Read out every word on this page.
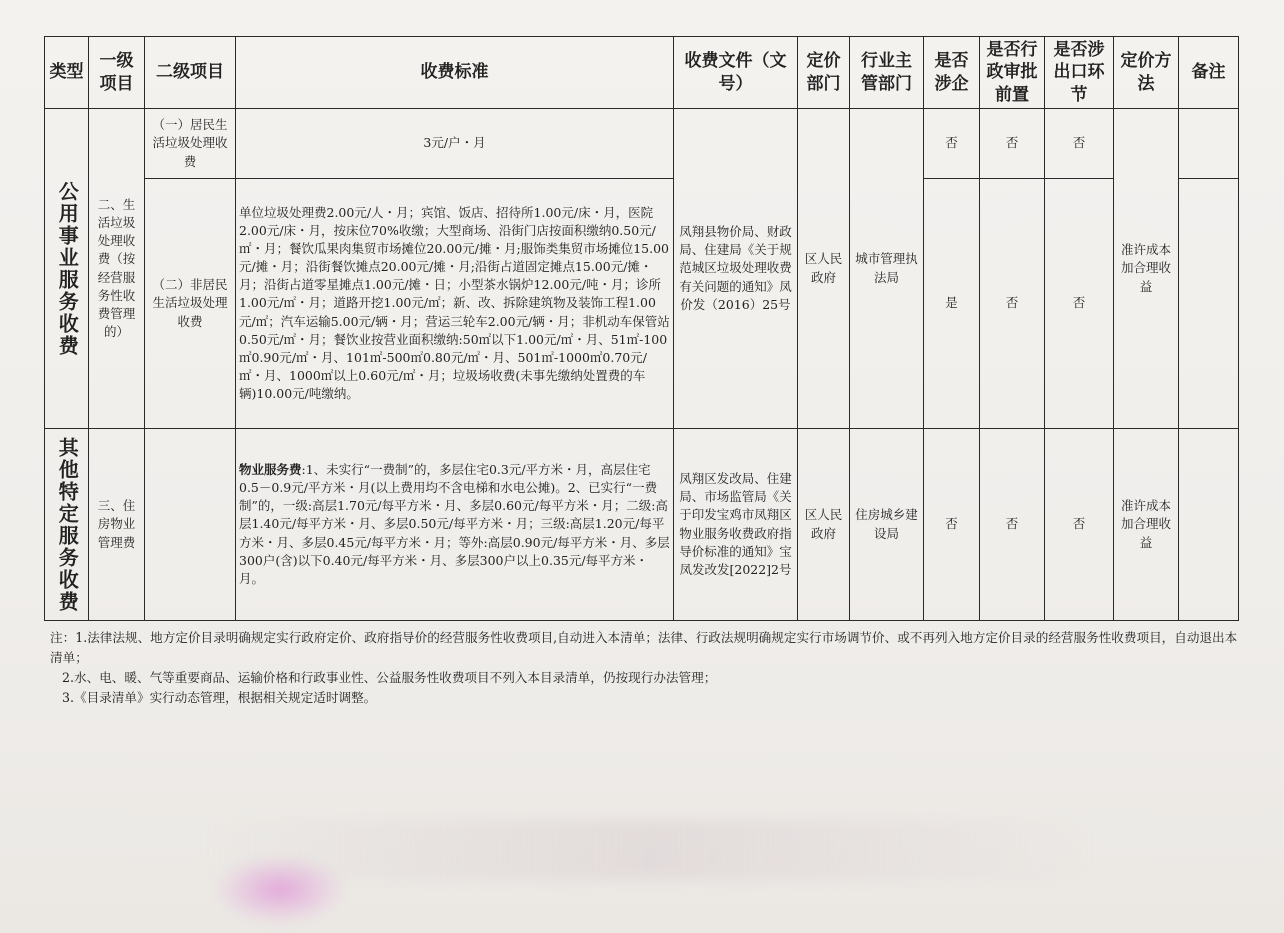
类型	一级项目	二级项目	收费标准	收费文件（文号）	定价部门	行业主管部门	是否涉企	是否行政审批前置	是否涉出口环节	定价方法	备注

公用事业服务收费	二、生活垃圾处理收费（按经营服务性收费管理的）	（一）居民生活垃圾处理收费	3元/户・月	凤翔县物价局、财政局、住建局《关于规范城区垃圾处理收费有关问题的通知》凤价发（2016）25号	区人民政府	城市管理执法局	否	否	否	准许成本加合理收益	
		（二）非居民生活垃圾处理收费	单位垃圾处理费2.00元/人・月；宾馆、饭店、招待所1.00元/床・月，医院2.00元/床・月，按床位70%收缴；大型商场、沿街门店按面积缴纳0.50元/㎡・月；餐饮瓜果肉集贸市场摊位20.00元/摊・月;服饰类集贸市场摊位15.00元/摊・月；沿街餐饮摊点20.00元/摊・月;沿街占道固定摊点15.00元/摊・月；沿街占道零星摊点1.00元/摊・日；小型茶水锅炉12.00元/吨・月；诊所1.00元/㎡・月；道路开挖1.00元/㎡；新、改、拆除建筑物及装饰工程1.00元/㎡；汽车运输5.00元/辆・月；营运三轮车2.00元/辆・月；非机动车保管站0.50元/㎡・月；餐饮业按营业面积缴纳:50㎡以下1.00元/㎡・月、51㎡-100㎡0.90元/㎡・月、101㎡-500㎡0.80元/㎡・月、501㎡-1000㎡0.70元/㎡・月、1000㎡以上0.60元/㎡・月；垃圾场收费(未事先缴纳处置费的车辆)10.00元/吨缴纳。				是	否	否		

其他特定服务收费	三、住房物业管理费		物业服务费:1、未实行“一费制”的，多层住宅0.3元/平方米・月，高层住宅0.5－0.9元/平方米・月(以上费用均不含电梯和水电公摊)。2、已实行“一费制”的，一级:高层1.70元/每平方米・月、多层0.60元/每平方米・月；二级:高层1.40元/每平方米・月、多层0.50元/每平方米・月；三级:高层1.20元/每平方米・月、多层0.45元/每平方米・月；等外:高层0.90元/每平方米・月、多层300户(含)以下0.40元/每平方米・月、多层300户以上0.35元/每平方米・月。	凤翔区发改局、住建局、市场监管局《关于印发宝鸡市凤翔区物业服务收费政府指导价标准的通知》宝凤发改发[2022]2号	区人民政府	住房城乡建设局	否	否	否	准许成本加合理收益	
注：1.法律法规、地方定价目录明确规定实行政府定价、政府指导价的经营服务性收费项目,自动进入本清单；法律、行政法规明确规定实行市场调节价、或不再列入地方定价目录的经营服务性收费项目，自动退出本清单；
2.水、电、暖、气等重要商品、运输价格和行政事业性、公益服务性收费项目不列入本目录清单，仍按现行办法管理；
3.《目录清单》实行动态管理，根据相关规定适时调整。
